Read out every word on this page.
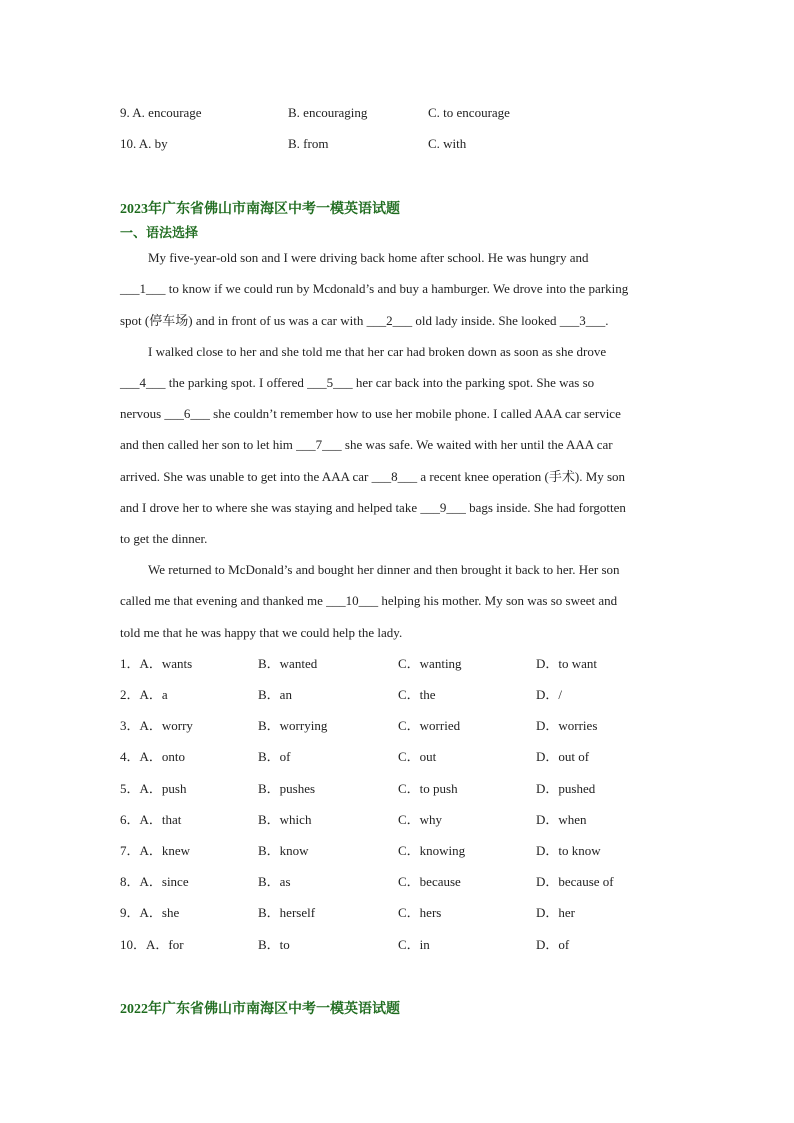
9. A. encourage	B. encouraging	C. to encourage
10. A. by	B. from	C. with
2023年广东省佛山市南海区中考一模英语试题
一、语法选择
My five-year-old son and I were driving back home after school. He was hungry and
___1___ to know if we could run by Mcdonald’s and buy a hamburger. We drove into the parking
spot (停车场) and in front of us was a car with ___2___ old lady inside. She looked ___3___.
I walked close to her and she told me that her car had broken down as soon as she drove
___4___ the parking spot. I offered ___5___ her car back into the parking spot. She was so
nervous ___6___ she couldn’t remember how to use her mobile phone. I called AAA car service
and then called her son to let him ___7___ she was safe. We waited with her until the AAA car
arrived. She was unable to get into the AAA car ___8___ a recent knee operation (手术). My son
and I drove her to where she was staying and helped take ___9___ bags inside. She had forgotten
to get the dinner.
We returned to McDonald’s and bought her dinner and then brought it back to her. Her son
called me that evening and thanked me ___10___ helping his mother. My son was so sweet and
told me that he was happy that we could help the lady.
1．A．wants	B．wanted	C．wanting	D．to want
2．A．a	B．an	C．the	D．/
3．A．worry	B．worrying	C．worried	D．worries
4．A．onto	B．of	C．out	D．out of
5．A．push	B．pushes	C．to push	D．pushed
6．A．that	B．which	C．why	D．when
7．A．knew	B．know	C．knowing	D．to know
8．A．since	B．as	C．because	D．because of
9．A．she	B．herself	C．hers	D．her
10．A．for	B．to	C．in	D．of
2022年广东省佛山市南海区中考一模英语试题
